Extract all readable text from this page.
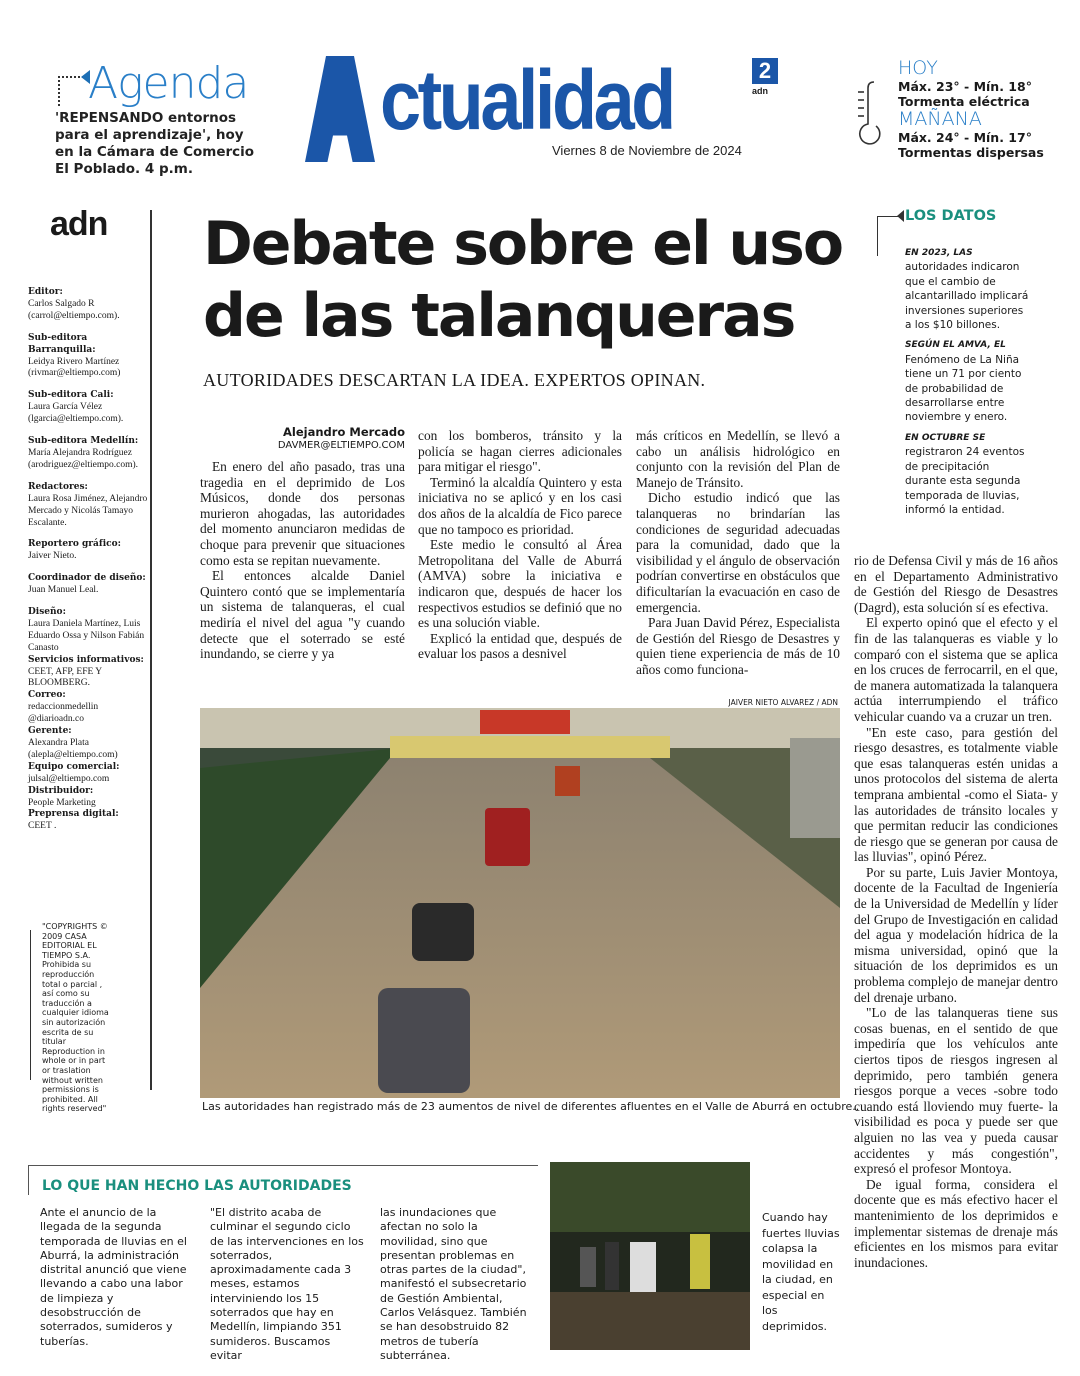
Agenda
'REPENSANDO entornos para el aprendizaje', hoy en la Cámara de Comercio El Poblado. 4 p.m.
ctualidad
Viernes 8 de Noviembre de 2024
2
adn
HOY
Máx. 23° - Mín. 18°
Tormenta eléctrica
MAÑANA
Máx. 24° - Mín. 17°
Tormentas dispersas
adn
Editor:
Carlos Salgado R (carrol@eltiempo.com).
Sub-editora Barranquilla:
Leidya Rivero Martínez (rivmar@eltiempo.com)
Sub-editora Cali:
Laura García Vélez (lgarcia@eltiempo.com).
Sub-editora Medellín:
María Alejandra Rodríguez (arodriguez@eltiempo.com).
Redactores:
Laura Rosa Jiménez, Alejandro Mercado y Nicolás Tamayo Escalante.
Reportero gráfico:
Jaiver Nieto.
Coordinador de diseño:
Juan Manuel Leal.
Diseño:
Laura Daniela Martínez, Luis Eduardo Ossa y Nilson Fabián Canasto
Servicios informativos:
CEET, AFP, EFE Y BLOOMBERG.
Correo:
redaccionmedellin @diarioadn.co
Gerente:
Alexandra Plata (alepla@eltiempo.com)
Equipo comercial:
julsal@eltiempo.com
Distribuidor:
People Marketing
Preprensa digital:
CEET .
"COPYRIGHTS © 2009 CASA EDITORIAL EL TIEMPO S.A. Prohibida su reproducción total o parcial , así como su traducción a cualquier idioma sin autorización escrita de su titular Reproduction in whole or in part or traslation without written permissions is prohibited. All rights reserved"
Debate sobre el uso de las talanqueras
AUTORIDADES DESCARTAN LA IDEA. EXPERTOS OPINAN.
Alejandro Mercado
DAVMER@ELTIEMPO.COM

En enero del año pasado, tras una tragedia en el deprimido de Los Músicos, donde dos personas murieron ahogadas, las autoridades del momento anunciaron medidas de choque para prevenir que situaciones como esta se repitan nuevamente.

El entonces alcalde Daniel Quintero contó que se implementaría un sistema de talanqueras, el cual mediría el nivel del agua "y cuando detecte que el soterrado se esté inundando, se cierre y ya

con los bomberos, tránsito y la policía se hagan cierres adicionales para mitigar el riesgo".

Terminó la alcaldía Quintero y esta iniciativa no se aplicó y en los casi dos años de la alcaldía de Fico parece que no tampoco es prioridad.

Este medio le consultó al Área Metropolitana del Valle de Aburrá (AMVA) sobre la iniciativa e indicaron que, después de hacer los respectivos estudios se definió que no es una solución viable.

Explicó la entidad que, después de evaluar los pasos a desnivel

más críticos en Medellín, se llevó a cabo un análisis hidrológico en conjunto con la revisión del Plan de Manejo de Tránsito.

Dicho estudio indicó que las talanqueras no brindarían las condiciones de seguridad adecuadas para la comunidad, dado que la visibilidad y el ángulo de observación podrían convertirse en obstáculos que dificultarían la evacuación en caso de emergencia.

Para Juan David Pérez, Especialista de Gestión del Riesgo de Desastres y quien tiene experiencia de más de 10 años como funciona-

rio de Defensa Civil y más de 16 años en el Departamento Administrativo de Gestión del Riesgo de Desastres (Dagrd), esta solución sí es efectiva.

El experto opinó que el efecto y el fin de las talanqueras es viable y lo comparó con el sistema que se aplica en los cruces de ferrocarril, en el que, de manera automatizada la talanquera actúa interrumpiendo el tráfico vehicular cuando va a cruzar un tren.

"En este caso, para gestión del riesgo desastres, es totalmente viable que esas talanqueras estén unidas a unos protocolos del sistema de alerta temprana ambiental -como el Siata- y las autoridades de tránsito locales y que permitan reducir las condiciones de riesgo que se generan por causa de las lluvias", opinó Pérez.

Por su parte, Luis Javier Montoya, docente de la Facultad de Ingeniería de la Universidad de Medellín y líder del Grupo de Investigación en calidad del agua y modelación hídrica de la misma universidad, opinó que la situación de los deprimidos es un problema complejo de manejar dentro del drenaje urbano.

"Lo de las talanqueras tiene sus cosas buenas, en el sentido de que impediría que los vehículos ante ciertos tipos de riesgos ingresen al deprimido, pero también genera riesgos porque a veces -sobre todo cuando está lloviendo muy fuerte- la visibilidad es poca y puede ser que alguien no las vea y pueda causar accidentes y más congestión", expresó el profesor Montoya.

De igual forma, considera el docente que es más efectivo hacer el mantenimiento de los deprimidos e implementar sistemas de drenaje más eficientes en los mismos para evitar inundaciones.

LOS DATOS
EN 2023, LAS
autoridades indicaron que el cambio de alcantarillado implicará inversiones superiores a los $10 billones.
SEGÚN EL AMVA, EL
Fenómeno de La Niña tiene un 71 por ciento de probabilidad de desarrollarse entre noviembre y enero.
EN OCTUBRE SE
registraron 24 eventos de precipitación durante esta segunda temporada de lluvias, informó la entidad.
JAIVER NIETO ALVAREZ / ADN
Las autoridades han registrado más de 23 aumentos de nivel de diferentes afluentes en el Valle de Aburrá en octubre..
LO QUE HAN HECHO LAS AUTORIDADES
Ante el anuncio de la llegada de la segunda temporada de lluvias en el Aburrá, la administración distrital anunció que viene llevando a cabo una labor de limpieza y desobstrucción de soterrados, sumideros y tuberías.
"El distrito acaba de culminar el segundo ciclo de las intervenciones en los soterrados, aproximadamente cada 3 meses, estamos interviniendo los 15 soterrados que hay en Medellín, limpiando 351 sumideros. Buscamos evitar
las inundaciones que afectan no solo la movilidad, sino que presentan problemas en otras partes de la ciudad", manifestó el subsecretario de Gestión Ambiental, Carlos Velásquez. También se han desobstruido 82 metros de tubería subterránea.
Cuando hay fuertes lluvias colapsa la movilidad en la ciudad, en especial en los deprimidos.
